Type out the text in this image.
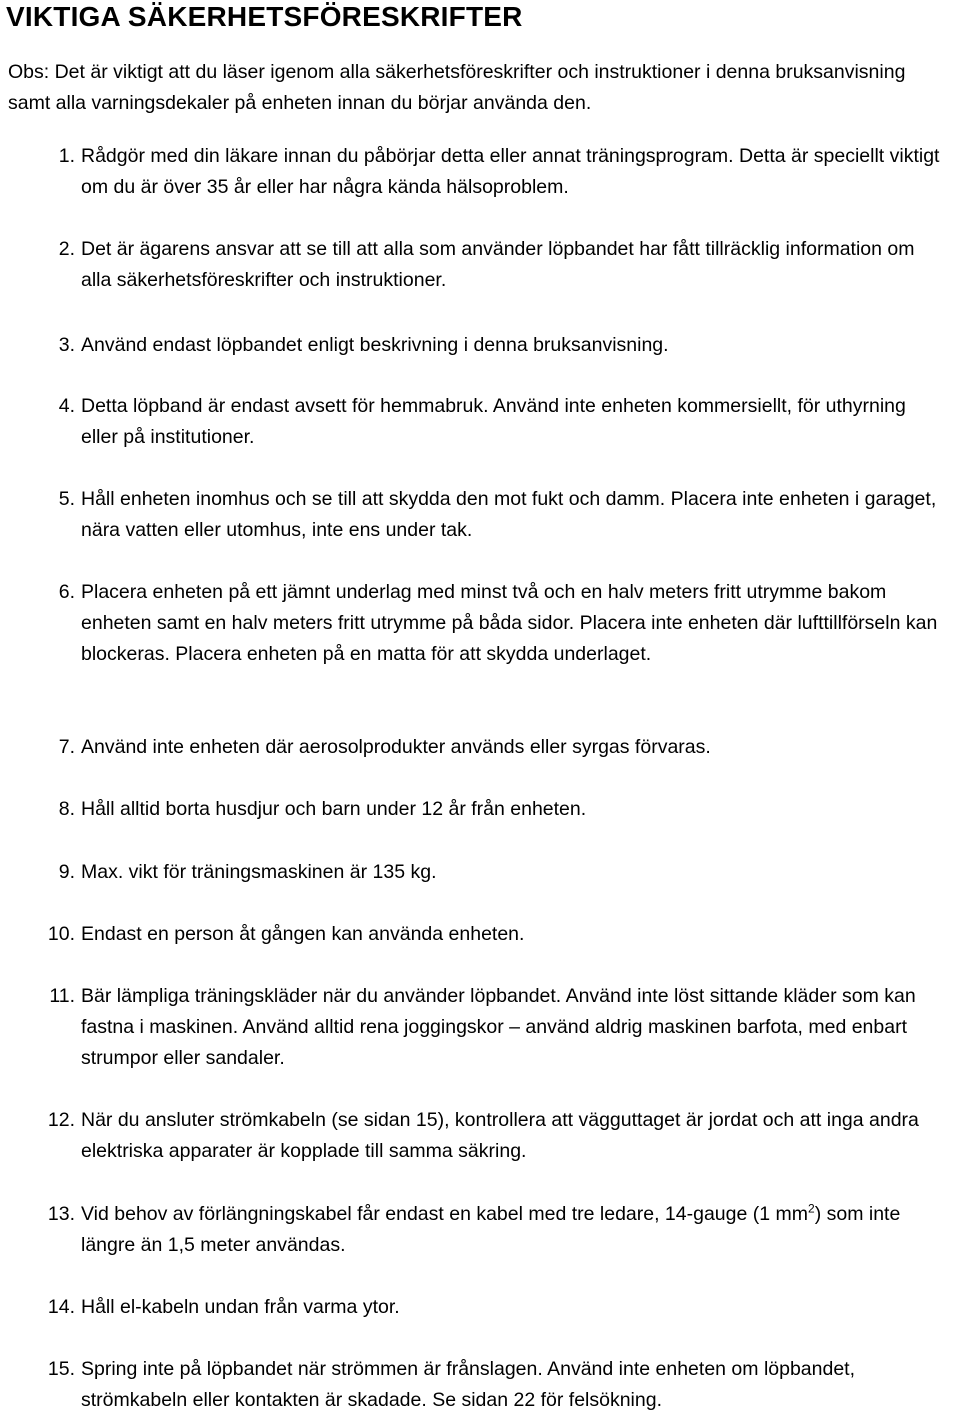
VIKTIGA SÄKERHETSFÖRESKRIFTER

Obs: Det är viktigt att du läser igenom alla säkerhetsföreskrifter och instruktioner i denna bruksanvisning samt alla varningsdekaler på enheten innan du börjar använda den.

1. Rådgör med din läkare innan du påbörjar detta eller annat träningsprogram. Detta är speciellt viktigt om du är över 35 år eller har några kända hälsoproblem.
2. Det är ägarens ansvar att se till att alla som använder löpbandet har fått tillräcklig information om alla säkerhetsföreskrifter och instruktioner.
3. Använd endast löpbandet enligt beskrivning i denna bruksanvisning.
4. Detta löpband är endast avsett för hemmabruk. Använd inte enheten kommersiellt, för uthyrning eller på institutioner.
5. Håll enheten inomhus och se till att skydda den mot fukt och damm. Placera inte enheten i garaget, nära vatten eller utomhus, inte ens under tak.
6. Placera enheten på ett jämnt underlag med minst två och en halv meters fritt utrymme bakom enheten samt en halv meters fritt utrymme på båda sidor. Placera inte enheten där lufttillförseln kan blockeras. Placera enheten på en matta för att skydda underlaget.
7. Använd inte enheten där aerosolprodukter används eller syrgas förvaras.
8. Håll alltid borta husdjur och barn under 12 år från enheten.
9. Max. vikt för träningsmaskinen är 135 kg.
10. Endast en person åt gången kan använda enheten.
11. Bär lämpliga träningskläder när du använder löpbandet. Använd inte löst sittande kläder som kan fastna i maskinen. Använd alltid rena joggingskor – använd aldrig maskinen barfota, med enbart strumpor eller sandaler.
12. När du ansluter strömkabeln (se sidan 15), kontrollera att vägguttaget är jordat och att inga andra elektriska apparater är kopplade till samma säkring.
13. Vid behov av förlängningskabel får endast en kabel med tre ledare, 14-gauge (1 $mm^2$) som inte längre än 1,5 meter användas.
14. Håll el-kabeln undan från varma ytor.
15. Spring inte på löpbandet när strömmen är frånslagen. Använd inte enheten om löpbandet, strömkabeln eller kontakten är skadade. Se sidan 22 för felsökning.
